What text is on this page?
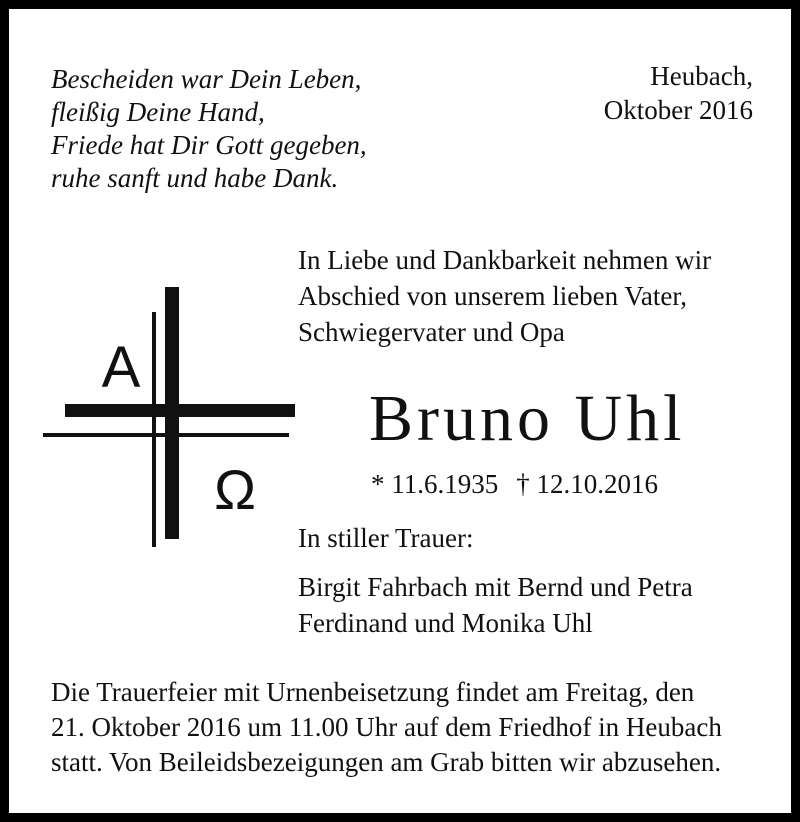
Bescheiden war Dein Leben,
fleißig Deine Hand,
Friede hat Dir Gott gegeben,
ruhe sanft und habe Dank.
Heubach,
Oktober 2016
A
Ω
In Liebe und Dankbarkeit nehmen wir
Abschied von unserem lieben Vater,
Schwiegervater und Opa
Bruno Uhl
* 11.6.1935 † 12.10.2016
In stiller Trauer:
Birgit Fahrbach mit Bernd und Petra
Ferdinand und Monika Uhl
Die Trauerfeier mit Urnenbeisetzung findet am Freitag, den
21. Oktober 2016 um 11.00 Uhr auf dem Friedhof in Heubach
statt. Von Beileidsbezeigungen am Grab bitten wir abzusehen.
